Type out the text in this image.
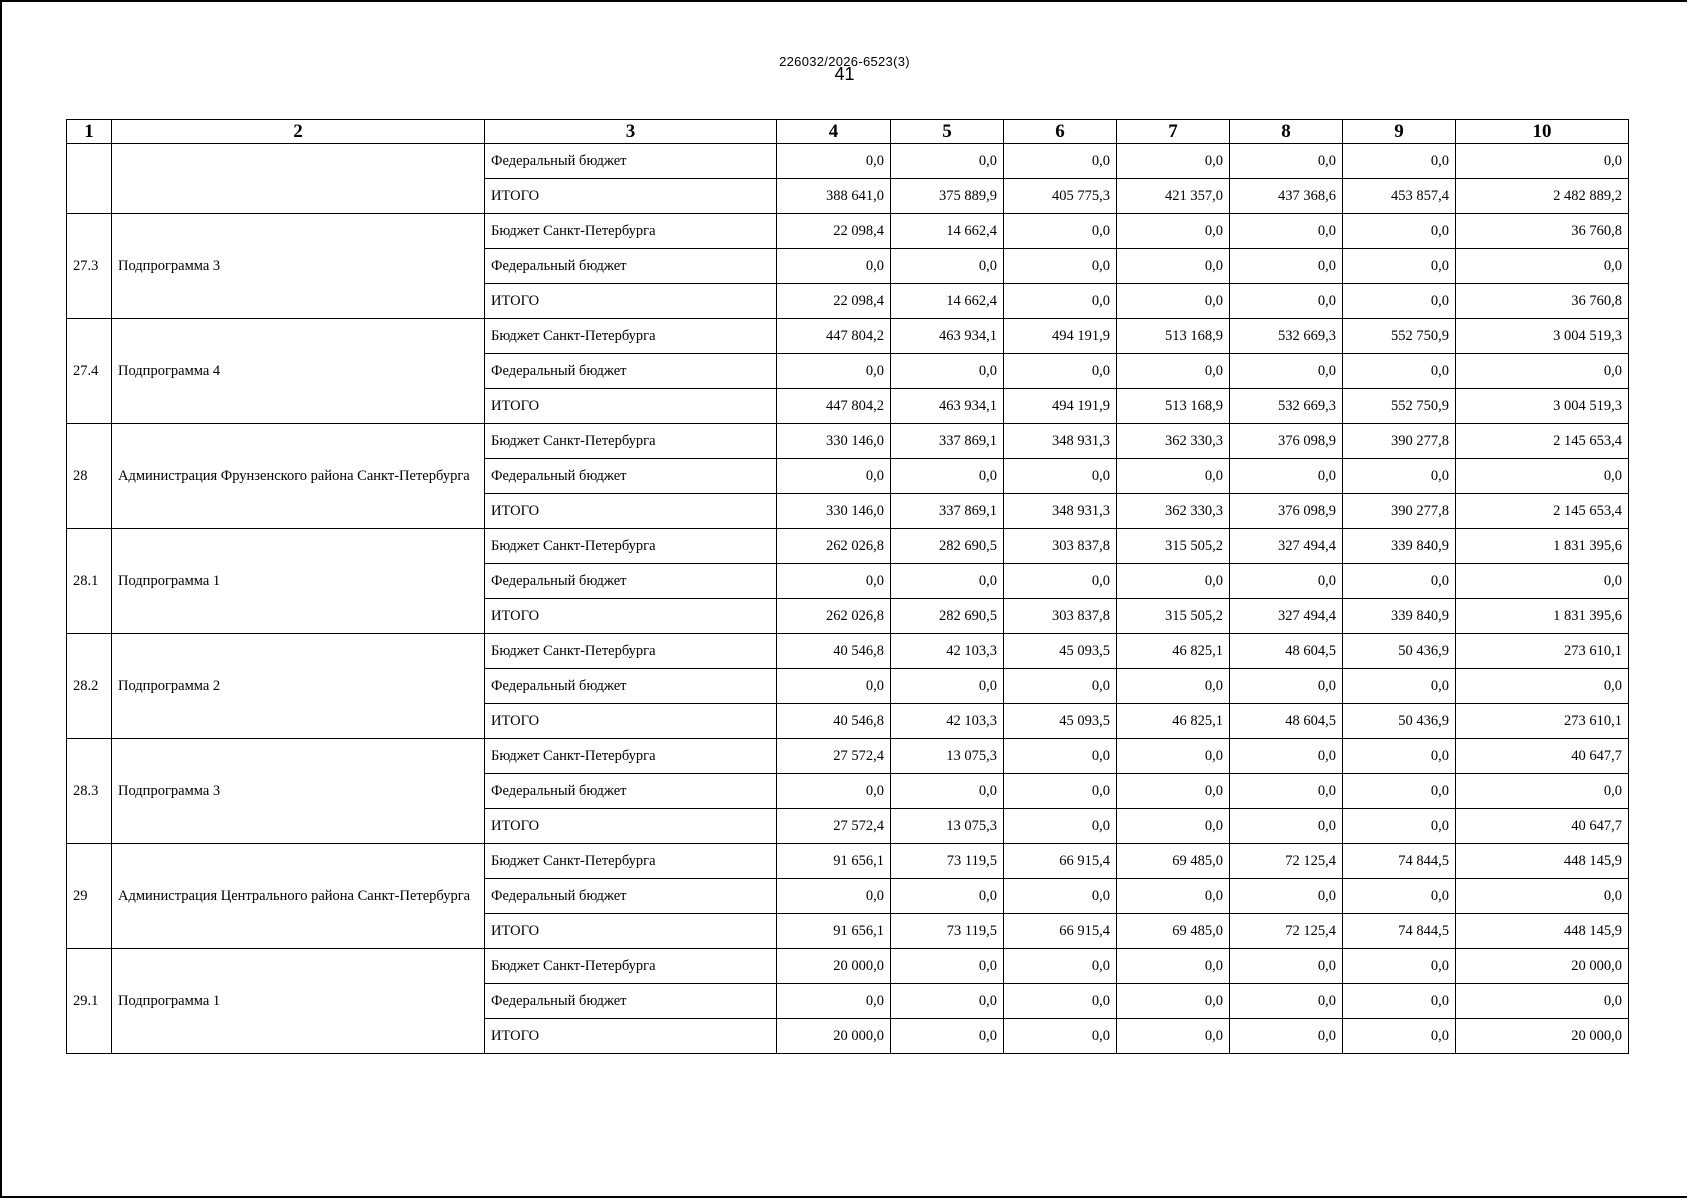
226032/2026-6523(3)
41
1	2	3	4	5	6	7	8	9	10
		Федеральный бюджет	0,0	0,0	0,0	0,0	0,0	0,0	0,0
		ИТОГО	388 641,0	375 889,9	405 775,3	421 357,0	437 368,6	453 857,4	2 482 889,2
27.3	Подпрограмма 3	Бюджет Санкт-Петербурга	22 098,4	14 662,4	0,0	0,0	0,0	0,0	36 760,8
		Федеральный бюджет	0,0	0,0	0,0	0,0	0,0	0,0	0,0
		ИТОГО	22 098,4	14 662,4	0,0	0,0	0,0	0,0	36 760,8
27.4	Подпрограмма 4	Бюджет Санкт-Петербурга	447 804,2	463 934,1	494 191,9	513 168,9	532 669,3	552 750,9	3 004 519,3
		Федеральный бюджет	0,0	0,0	0,0	0,0	0,0	0,0	0,0
		ИТОГО	447 804,2	463 934,1	494 191,9	513 168,9	532 669,3	552 750,9	3 004 519,3
28	Администрация Фрунзенского района Санкт-Петербурга	Бюджет Санкт-Петербурга	330 146,0	337 869,1	348 931,3	362 330,3	376 098,9	390 277,8	2 145 653,4
		Федеральный бюджет	0,0	0,0	0,0	0,0	0,0	0,0	0,0
		ИТОГО	330 146,0	337 869,1	348 931,3	362 330,3	376 098,9	390 277,8	2 145 653,4
28.1	Подпрограмма 1	Бюджет Санкт-Петербурга	262 026,8	282 690,5	303 837,8	315 505,2	327 494,4	339 840,9	1 831 395,6
		Федеральный бюджет	0,0	0,0	0,0	0,0	0,0	0,0	0,0
		ИТОГО	262 026,8	282 690,5	303 837,8	315 505,2	327 494,4	339 840,9	1 831 395,6
28.2	Подпрограмма 2	Бюджет Санкт-Петербурга	40 546,8	42 103,3	45 093,5	46 825,1	48 604,5	50 436,9	273 610,1
		Федеральный бюджет	0,0	0,0	0,0	0,0	0,0	0,0	0,0
		ИТОГО	40 546,8	42 103,3	45 093,5	46 825,1	48 604,5	50 436,9	273 610,1
28.3	Подпрограмма 3	Бюджет Санкт-Петербурга	27 572,4	13 075,3	0,0	0,0	0,0	0,0	40 647,7
		Федеральный бюджет	0,0	0,0	0,0	0,0	0,0	0,0	0,0
		ИТОГО	27 572,4	13 075,3	0,0	0,0	0,0	0,0	40 647,7
29	Администрация Центрального района Санкт-Петербурга	Бюджет Санкт-Петербурга	91 656,1	73 119,5	66 915,4	69 485,0	72 125,4	74 844,5	448 145,9
		Федеральный бюджет	0,0	0,0	0,0	0,0	0,0	0,0	0,0
		ИТОГО	91 656,1	73 119,5	66 915,4	69 485,0	72 125,4	74 844,5	448 145,9
29.1	Подпрограмма 1	Бюджет Санкт-Петербурга	20 000,0	0,0	0,0	0,0	0,0	0,0	20 000,0
		Федеральный бюджет	0,0	0,0	0,0	0,0	0,0	0,0	0,0
		ИТОГО	20 000,0	0,0	0,0	0,0	0,0	0,0	20 000,0
